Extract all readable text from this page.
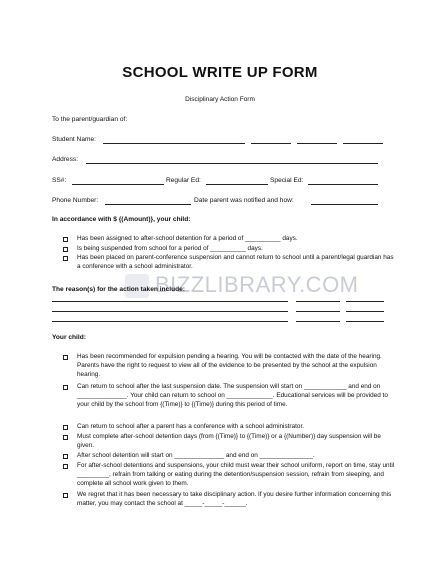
SCHOOL WRITE UP FORM
Disciplinary Action Form
BIZZLIBRARY.COM
To the parent/guardian of:
Student Name:
Address:
SS#:	Regular Ed:	Special Ed:
Phone Number:	Date parent was notified and how:
In accordance with $ {(Amount)}, your child:
Has been assigned to after-school detention for a period of __________ days.
Is being suspended from school for a period of __________ days.
Has been placed on parent-conference suspension and cannot return to school until a parent/legal guardian has a conference with a school administrator.
The reason(s) for the action taken include:
Your child:
Has been recommended for expulsion pending a hearing. You will be contacted with the date of the hearing. Parents have the right to request to view all of the evidence to be presented by the school at the expulsion hearing.
Can return to school after the last suspension date. The suspension will start on ____________ and end on ______________. Your child can return to school on _____________. Educational services will be provided to your child by the school from {(Time)} to {(Time)} during this period of time.
Can return to school after a parent has a conference with a school administrator.
Must complete after-school detention days (from {(Time)} to {(Time)} or a {(Number)} day suspension will be given.
After school detention will start on ______________ and end on _______________.
For after-school detentions and suspensions, your child must wear their school uniform, report on time, stay until _________, refrain from talking or eating during the detention/suspension session, refrain from sleeping, and complete all school work given to them.
We regret that it has been necessary to take disciplinary action. If you desire further information concerning this matter, you may contact the school at _____-_____-______.
